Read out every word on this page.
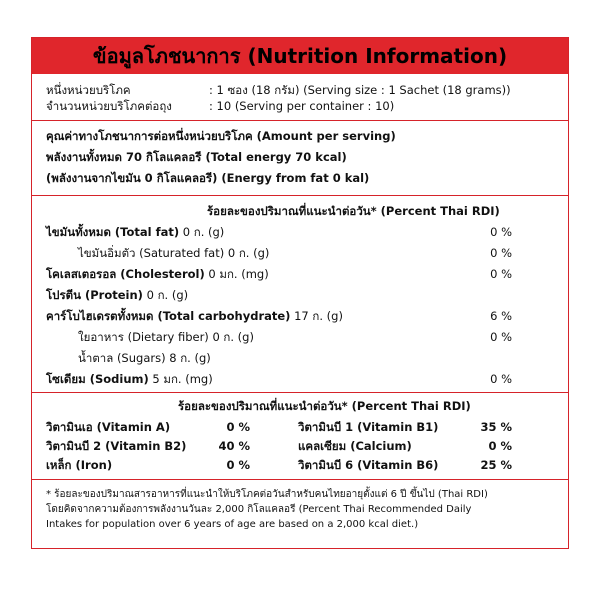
ข้อมูลโภชนาการ (Nutrition Information)
หนึ่งหน่วยบริโภค	: 1 ซอง (18 กรัม) (Serving size : 1 Sachet (18 grams))
จำนวนหน่วยบริโภคต่อถุง	: 10 (Serving per container : 10)
คุณค่าทางโภชนาการต่อหนึ่งหน่วยบริโภค (Amount per serving)
พลังงานทั้งหมด 70 กิโลแคลอรี (Total energy 70 kcal)
(พลังงานจากไขมัน 0 กิโลแคลอรี) (Energy from fat 0 kal)
ร้อยละของปริมาณที่แนะนำต่อวัน* (Percent Thai RDI)
ไขมันทั้งหมด (Total fat) 0 ก. (g)	0 %
ไขมันอิ่มตัว (Saturated fat) 0 ก. (g)	0 %
โคเลสเตอรอล (Cholesterol) 0 มก. (mg)	0 %
โปรตีน (Protein) 0 ก. (g)
คาร์โบไฮเดรตทั้งหมด (Total carbohydrate) 17 ก. (g)	6 %
ใยอาหาร (Dietary fiber) 0 ก. (g)	0 %
น้ำตาล (Sugars) 8 ก. (g)
โซเดียม (Sodium) 5 มก. (mg)	0 %
ร้อยละของปริมาณที่แนะนำต่อวัน* (Percent Thai RDI)
วิตามินเอ (Vitamin A)	0 %	วิตามินบี 1 (Vitamin B1)	35 %
วิตามินบี 2 (Vitamin B2)	40 %	แคลเซียม (Calcium)	0 %
เหล็ก (Iron)	0 %	วิตามินบี 6 (Vitamin B6)	25 %
* ร้อยละของปริมาณสารอาหารที่แนะนำให้บริโภคต่อวันสำหรับคนไทยอายุตั้งแต่ 6 ปี ขึ้นไป (Thai RDI)
โดยคิดจากความต้องการพลังงานวันละ 2,000 กิโลแคลอรี (Percent Thai Recommended Daily
Intakes for population over 6 years of age are based on a 2,000 kcal diet.)
